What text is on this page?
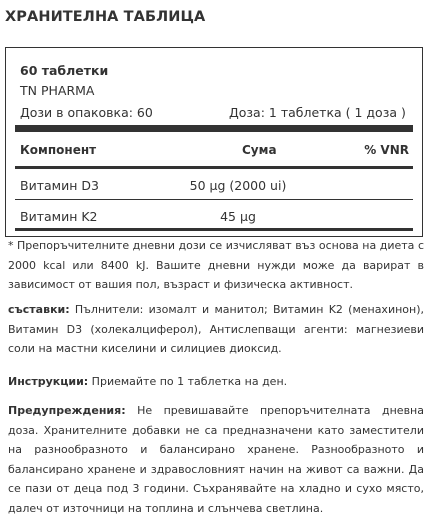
ХРАНИТЕЛНА ТАБЛИЦА
60 таблетки
TN PHARMA
Дози в опаковка: 60	Доза: 1 таблетка ( 1 доза )
Компонент	Сума	% VNR
Витамин D3	50 µg (2000 ui)
Витамин K2	45 µg
* Препоръчителните дневни дози се изчисляват въз основа на диета с 2000 kcal или 8400 kJ. Вашите дневни нужди може да варират в зависимост от вашия пол, възраст и физическа активност.
съставки: Пълнители: изомалт и манитол; Витамин K2 (менахинон), Витамин D3 (холекалциферол), Антислепващи агенти: магнезиеви соли на мастни киселини и силициев диоксид.
Инструкции: Приемайте по 1 таблетка на ден.
Предупреждения: Не превишавайте препоръчителната дневна доза. Хранителните добавки не са предназначени като заместители на разнообразното и балансирано хранене. Разнообразното и балансирано хранене и здравословният начин на живот са важни. Да се пази от деца под 3 години. Съхранявайте на хладно и сухо място, далеч от източници на топлина и слънчева светлина.
